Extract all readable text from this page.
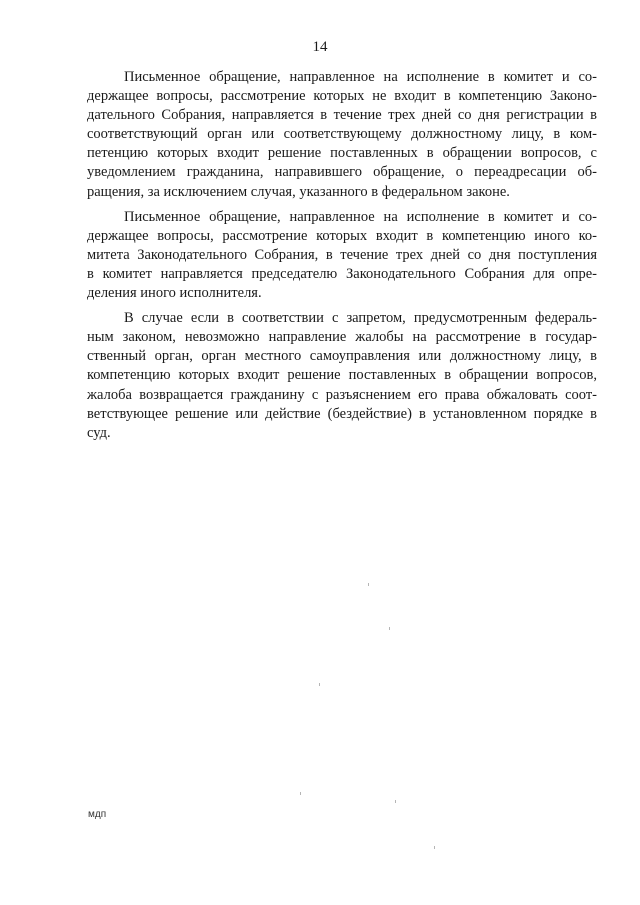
14
Письменное обращение, направленное на исполнение в комитет и со-
держащее вопросы, рассмотрение которых не входит в компетенцию Законо-
дательного Собрания, направляется в течение трех дней со дня регистрации в
соответствующий орган или соответствующему должностному лицу, в ком-
петенцию которых входит решение поставленных в обращении вопросов, с
уведомлением гражданина, направившего обращение, о переадресации об-
ращения, за исключением случая, указанного в федеральном законе.
Письменное обращение, направленное на исполнение в комитет и со-
держащее вопросы, рассмотрение которых входит в компетенцию иного ко-
митета Законодательного Собрания, в течение трех дней со дня поступления
в комитет направляется председателю Законодательного Собрания для опре-
деления иного исполнителя.
В случае если в соответствии с запретом, предусмотренным федераль-
ным законом, невозможно направление жалобы на рассмотрение в государ-
ственный орган, орган местного самоуправления или должностному лицу, в
компетенцию которых входит решение поставленных в обращении вопросов,
жалоба возвращается гражданину с разъяснением его права обжаловать соот-
ветствующее решение или действие (бездействие) в установленном порядке в
суд.
мдп
